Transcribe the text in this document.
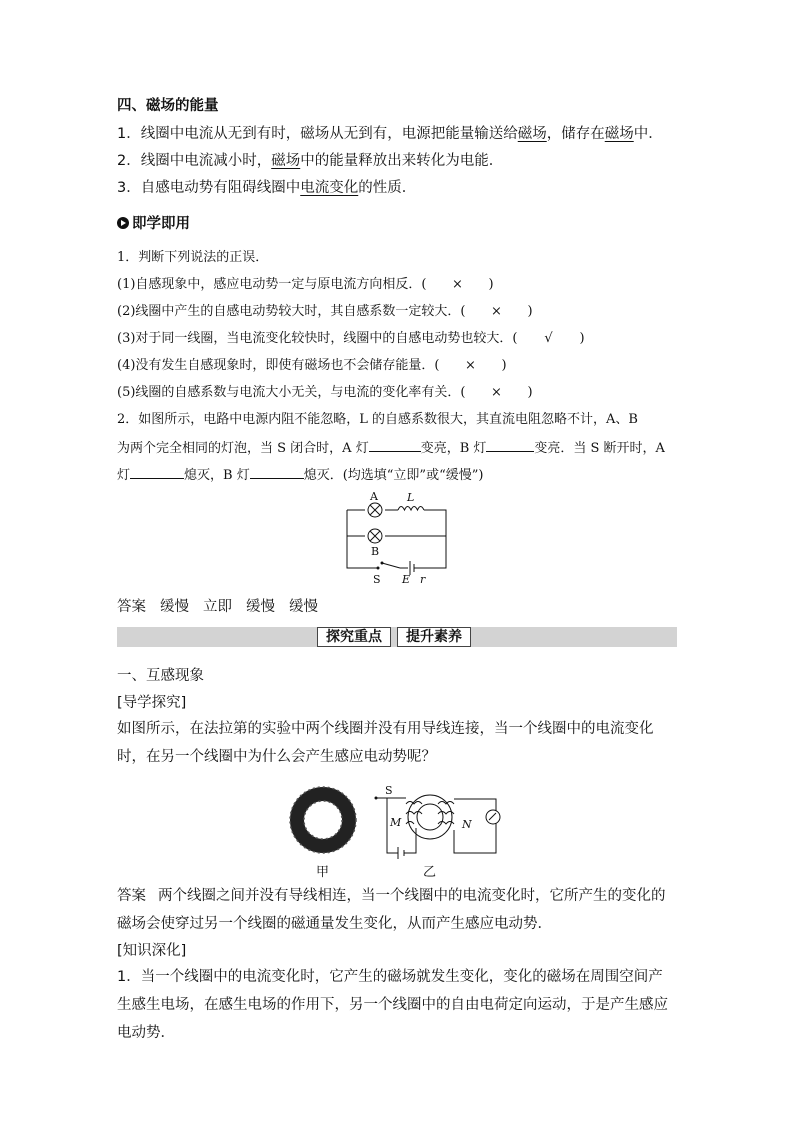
四、磁场的能量
1．线圈中电流从无到有时，磁场从无到有，电源把能量输送给磁场，储存在磁场中．
2．线圈中电流减小时，磁场中的能量释放出来转化为电能．
3．自感电动势有阻碍线圈中电流变化的性质．
即学即用
1．判断下列说法的正误．
(1)自感现象中，感应电动势一定与原电流方向相反．( × )
(2)线圈中产生的自感电动势较大时，其自感系数一定较大．( × )
(3)对于同一线圈，当电流变化较快时，线圈中的自感电动势也较大．( √ )
(4)没有发生自感现象时，即使有磁场也不会储存能量．( × )
(5)线圈的自感系数与电流大小无关，与电流的变化率有关．( × )
2．如图所示，电路中电源内阻不能忽略，L 的自感系数很大，其直流电阻忽略不计，A、B
为两个完全相同的灯泡，当 S 闭合时，A 灯	变亮，B 灯	变亮．当 S 断开时，A
灯	熄灭，B 灯	熄灭．(均选填“立即”或“缓慢”)
A	L
B
S E r
答案 缓慢 立即 缓慢 缓慢
探究重点	提升素养
一、互感现象
[导学探究]
如图所示，在法拉第的实验中两个线圈并没有用导线连接，当一个线圈中的电流变化时，在另一个线圈中为什么会产生感应电动势呢？
S
M	N
甲	乙
答案 两个线圈之间并没有导线相连，当一个线圈中的电流变化时，它所产生的变化的磁场会使穿过另一个线圈的磁通量发生变化，从而产生感应电动势．
[知识深化]
1．当一个线圈中的电流变化时，它产生的磁场就发生变化，变化的磁场在周围空间产生感生电场，在感生电场的作用下，另一个线圈中的自由电荷定向运动，于是产生感应电动势．
